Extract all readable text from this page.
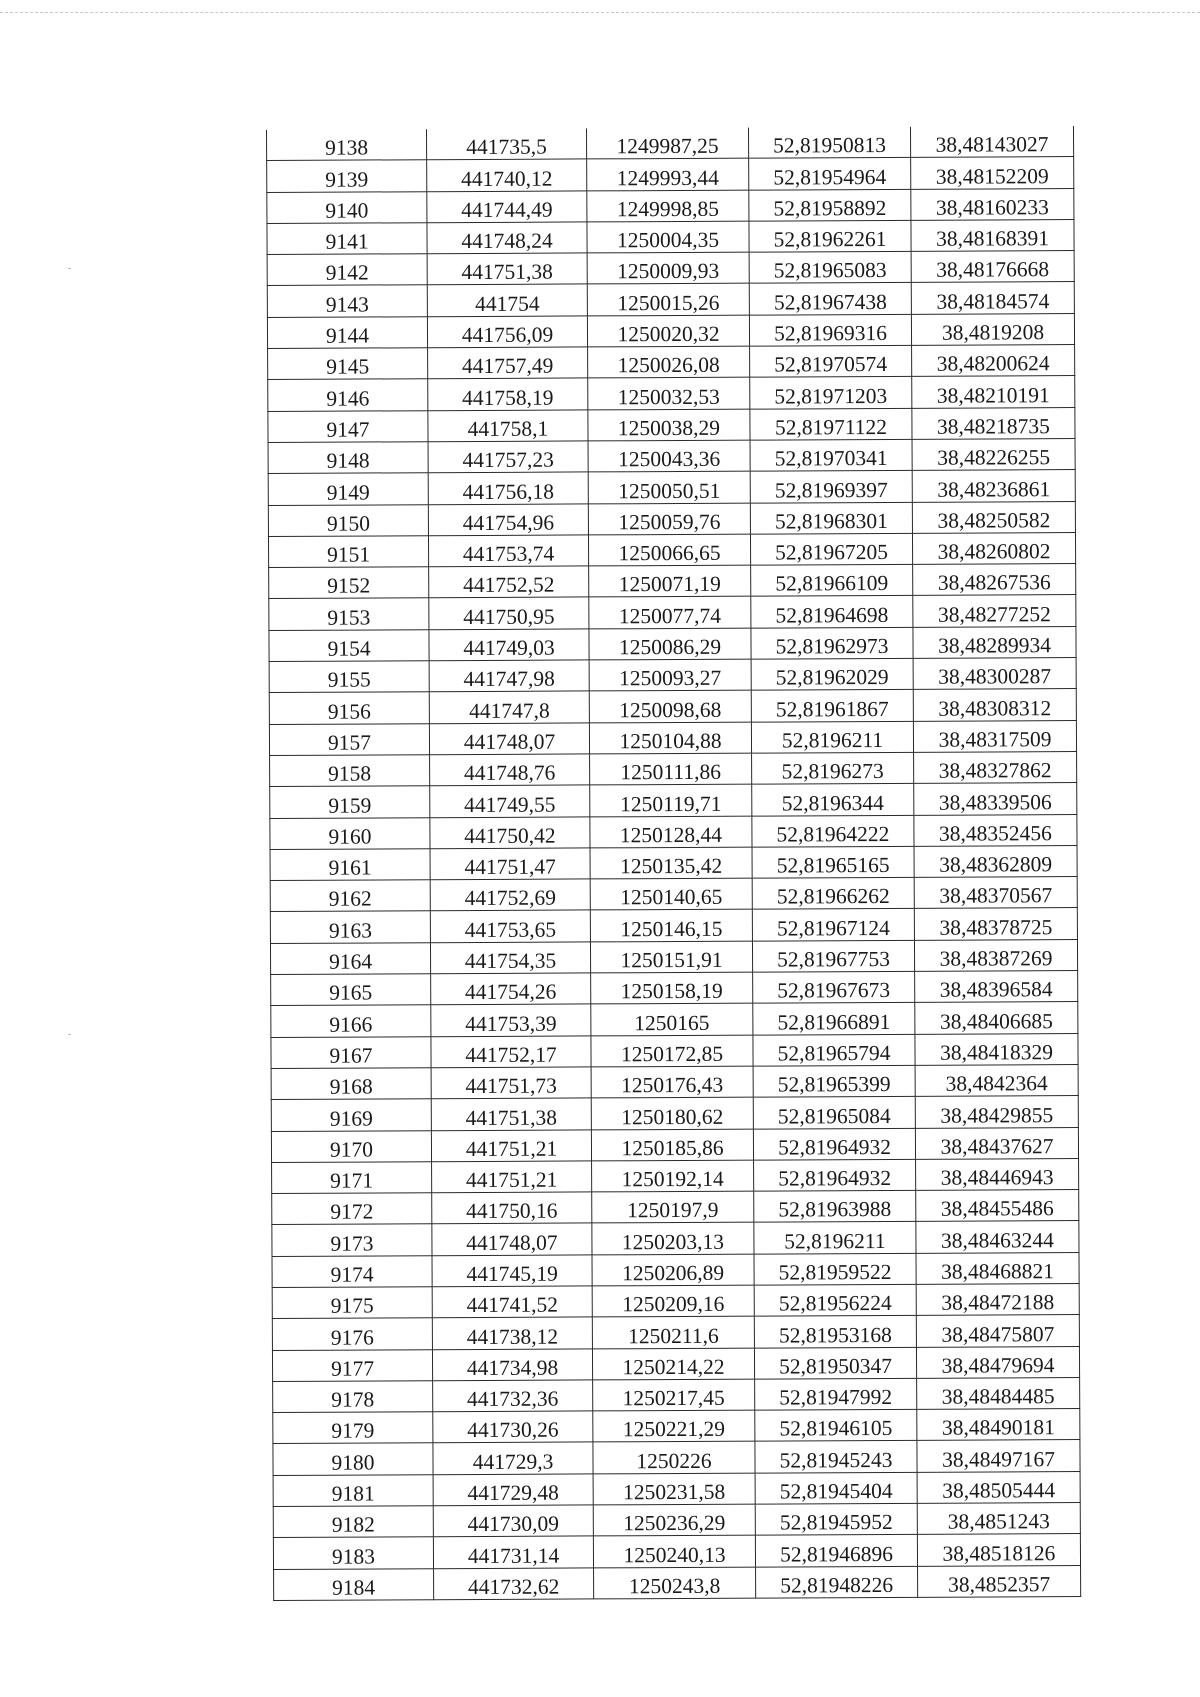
9138	441735,5	1249987,25	52,81950813	38,48143027
9139	441740,12	1249993,44	52,81954964	38,48152209
9140	441744,49	1249998,85	52,81958892	38,48160233
9141	441748,24	1250004,35	52,81962261	38,48168391
9142	441751,38	1250009,93	52,81965083	38,48176668
9143	441754	1250015,26	52,81967438	38,48184574
9144	441756,09	1250020,32	52,81969316	38,4819208
9145	441757,49	1250026,08	52,81970574	38,48200624
9146	441758,19	1250032,53	52,81971203	38,48210191
9147	441758,1	1250038,29	52,81971122	38,48218735
9148	441757,23	1250043,36	52,81970341	38,48226255
9149	441756,18	1250050,51	52,81969397	38,48236861
9150	441754,96	1250059,76	52,81968301	38,48250582
9151	441753,74	1250066,65	52,81967205	38,48260802
9152	441752,52	1250071,19	52,81966109	38,48267536
9153	441750,95	1250077,74	52,81964698	38,48277252
9154	441749,03	1250086,29	52,81962973	38,48289934
9155	441747,98	1250093,27	52,81962029	38,48300287
9156	441747,8	1250098,68	52,81961867	38,48308312
9157	441748,07	1250104,88	52,8196211	38,48317509
9158	441748,76	1250111,86	52,8196273	38,48327862
9159	441749,55	1250119,71	52,8196344	38,48339506
9160	441750,42	1250128,44	52,81964222	38,48352456
9161	441751,47	1250135,42	52,81965165	38,48362809
9162	441752,69	1250140,65	52,81966262	38,48370567
9163	441753,65	1250146,15	52,81967124	38,48378725
9164	441754,35	1250151,91	52,81967753	38,48387269
9165	441754,26	1250158,19	52,81967673	38,48396584
9166	441753,39	1250165	52,81966891	38,48406685
9167	441752,17	1250172,85	52,81965794	38,48418329
9168	441751,73	1250176,43	52,81965399	38,4842364
9169	441751,38	1250180,62	52,81965084	38,48429855
9170	441751,21	1250185,86	52,81964932	38,48437627
9171	441751,21	1250192,14	52,81964932	38,48446943
9172	441750,16	1250197,9	52,81963988	38,48455486
9173	441748,07	1250203,13	52,8196211	38,48463244
9174	441745,19	1250206,89	52,81959522	38,48468821
9175	441741,52	1250209,16	52,81956224	38,48472188
9176	441738,12	1250211,6	52,81953168	38,48475807
9177	441734,98	1250214,22	52,81950347	38,48479694
9178	441732,36	1250217,45	52,81947992	38,48484485
9179	441730,26	1250221,29	52,81946105	38,48490181
9180	441729,3	1250226	52,81945243	38,48497167
9181	441729,48	1250231,58	52,81945404	38,48505444
9182	441730,09	1250236,29	52,81945952	38,4851243
9183	441731,14	1250240,13	52,81946896	38,48518126
9184	441732,62	1250243,8	52,81948226	38,4852357
